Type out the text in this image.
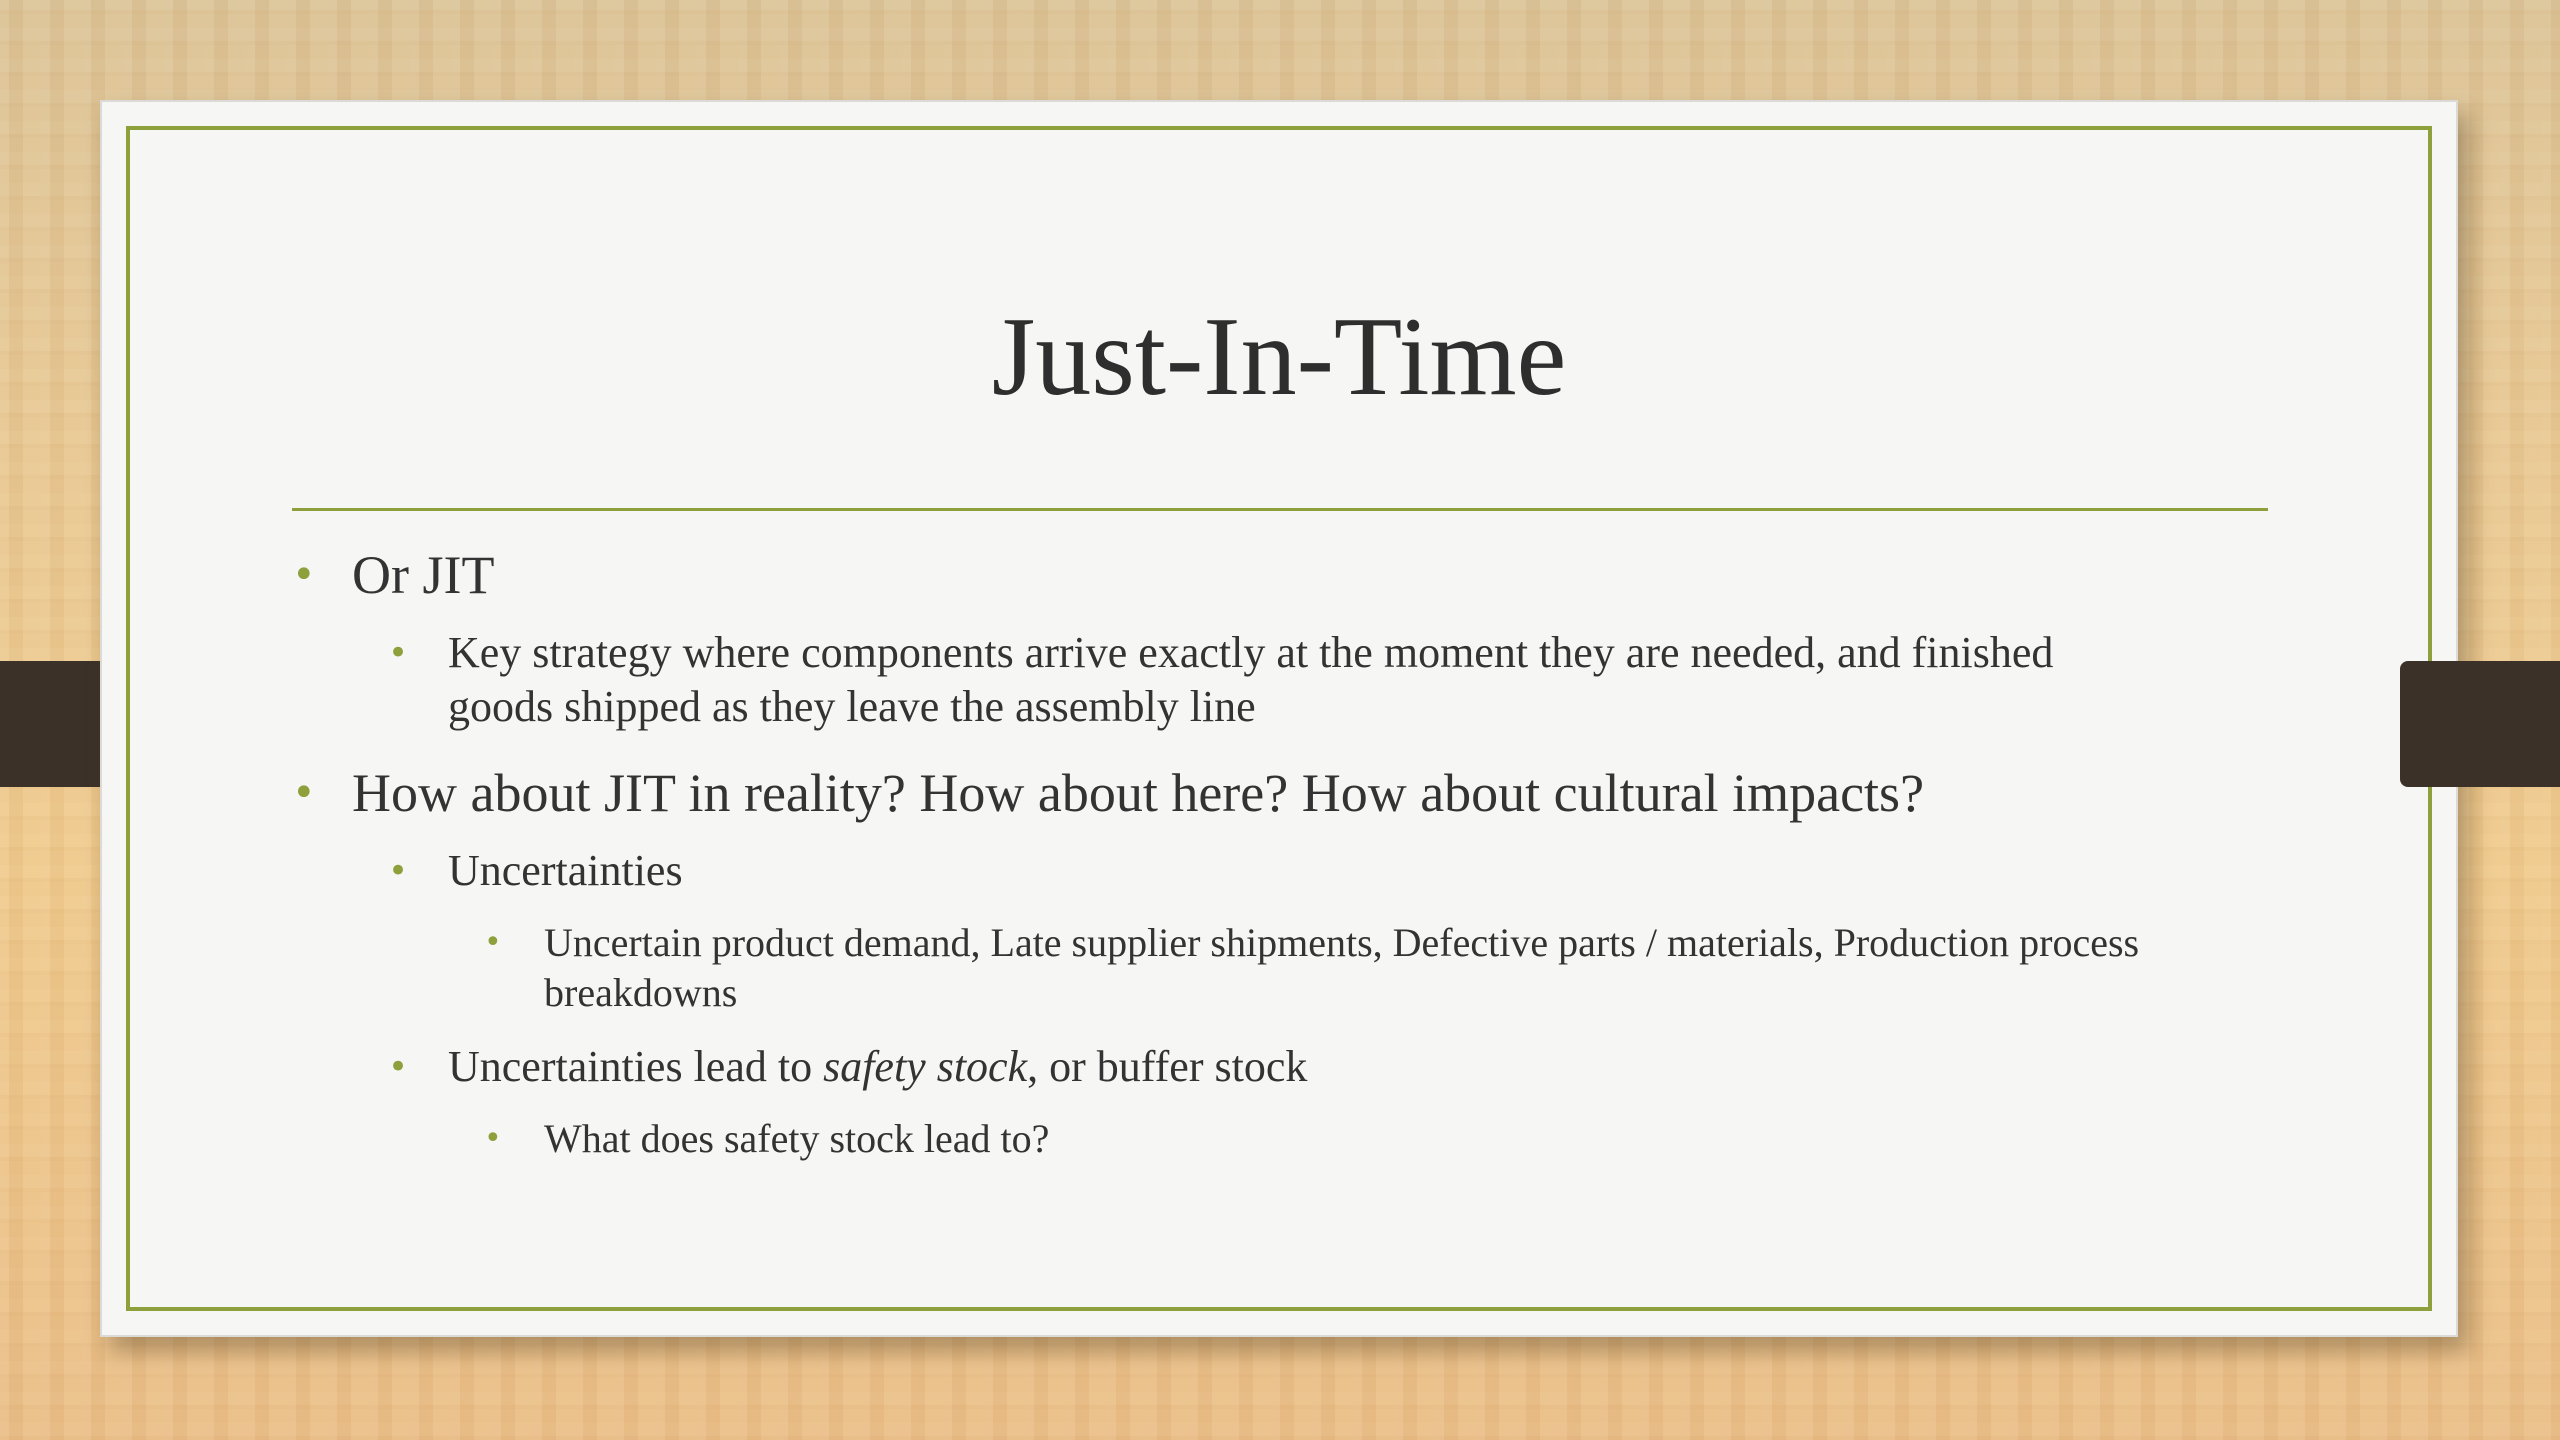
Just-In-Time

• Or JIT

• Key strategy where components arrive exactly at the moment they are needed, and finished goods shipped as they leave the assembly line

• How about JIT in reality? How about here? How about cultural impacts?

• Uncertainties

• Uncertain product demand, Late supplier shipments, Defective parts / materials, Production process breakdowns

• Uncertainties lead to safety stock, or buffer stock

• What does safety stock lead to?
